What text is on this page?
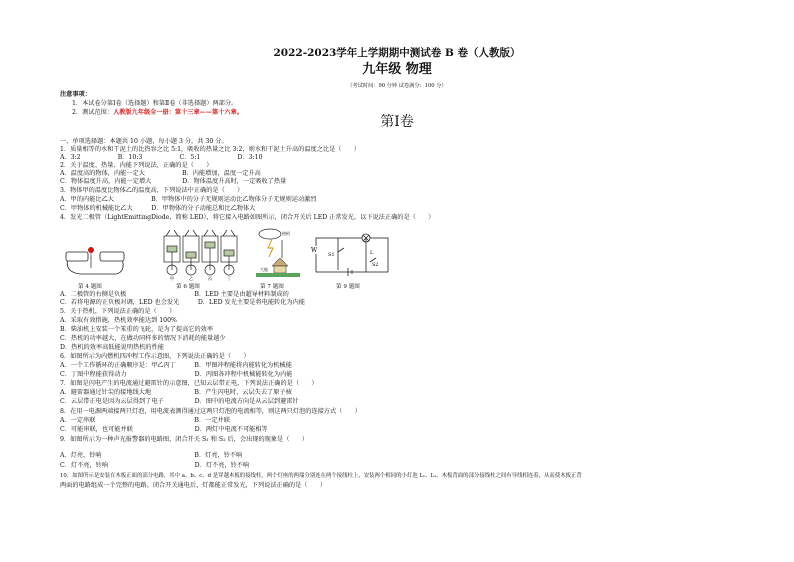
2022-2023学年上学期期中测试卷 B 卷（人教版）
九年级 物理
（考试时间：90 分钟 试卷满分：100 分）
注意事项：
1．本试卷分第Ⅰ卷（选择题）和第Ⅱ卷（非选择题）两部分。
2．测试范围：人教版九年级全一册：第十三章——第十六章。
第Ⅰ卷
一、单项选择题：本题共 10 小题，每小题 3 分，共 30 分。
1．质量相等的水和干泥土的比热容之比 5:1，吸收的热量之比 3:2，则水和干泥土升高的温度之比是（　　）
A．3:2　　　　　　B．10:3　　　　　　C．5:1　　　　　　D．3:10
2．关于温度、热量、内能下列说法，正确的是（　　）
A．温度高的物体，内能一定大　　　　　　B．内能增加，温度一定升高
C．物体温度升高，内能一定增大　　　　　D．物体温度升高时，一定吸收了热量
3．物体甲的温度比物体乙的温度高，下列说法中正确的是（　　）
A．甲的内能比乙大　　　　　　B．甲物体中的分子无规则运动比乙物体分子无规则运动激烈
C．甲物体的机械能比乙大　　　D．甲物体的分子动能总和比乙物体大
4．发光二极管（LightEmittingDiode，简称 LED），将它接入电路如图所示，闭合开关后 LED 正常发光，以下说法正确的是（　　）
第 4 题图
甲	乙	丙	丁
第 6 题图
热机
大地
第 7 题图
W
S1
S2
L
第 9 题图
A．二极管的右侧是负极　　　　　　　　　　　B．LED 主要是由超导材料制成的
C．若将电源的正负极对调，LED 也会发光　　　D．LED 发光主要是将电能转化为内能
5．关于热机，下列说法正确的是（　　）
A．采取有效措施，热机效率能达到 100%
B．柴油机上安装一个笨重的飞轮，是为了提高它的效率
C．热机的功率越大，在做功同样多的情况下消耗的能量越少
D．热机的效率高低能说明热机的性能
6．如图所示为内燃机四冲程工作示意图，下列说法正确的是（　　）
A．一个工作循环的正确顺序是：甲乙丙丁　　　B．甲图冲程能将内能转化为机械能
C．丁图中程能获得动力　　　　　　　　　　　D．丙图各冲程中机械能转化为内能
7．如图是闪电产生的电流通过避雷针的示意图，已知云层带正电，下列说法正确的是（　　）
A．避雷器通过针尖的接地线大地　　　　　　　B．产生闪电时，云层失去了原子核
C．云层带正电是因为云层得到了电子　　　　　D．图中的电流方向是从云层到避雷针
8．在用一电源两端接两只灯泡，用电流表测得通过这两只灯泡的电流相等，则这两只灯泡的连接方式（　　）
A．一定串联　　　　　　　　　　　　　　　　B．一定并联
C．可能串联，也可能并联　　　　　　　　　　D．两灯中电流不可能相等
9．如图所示为一种声光报警器的电路图，闭合开关 S₁ 和 S₂ 后，会出现的现象是（　　）
A．灯亮，铃响　　　　　　　　　　　　　　　B．灯亮，铃不响
C．灯不亮，铃响　　　　　　　　　　　　　　D．灯不亮，铃不响
10．如图所示是安装在木板正面的部分电路，其中 a、b、c、d 是穿越木板的接线柱，两个灯座的两端分别连在两个接线柱上，安装两个相同的小灯泡 L₁、L₂，木板背面的部分接线柱之间有导线相连着，从而使木板正背
两面的电路组成一个完整的电路。闭合开关通电后，灯都能正常发光，下列说法正确的是（　　）
